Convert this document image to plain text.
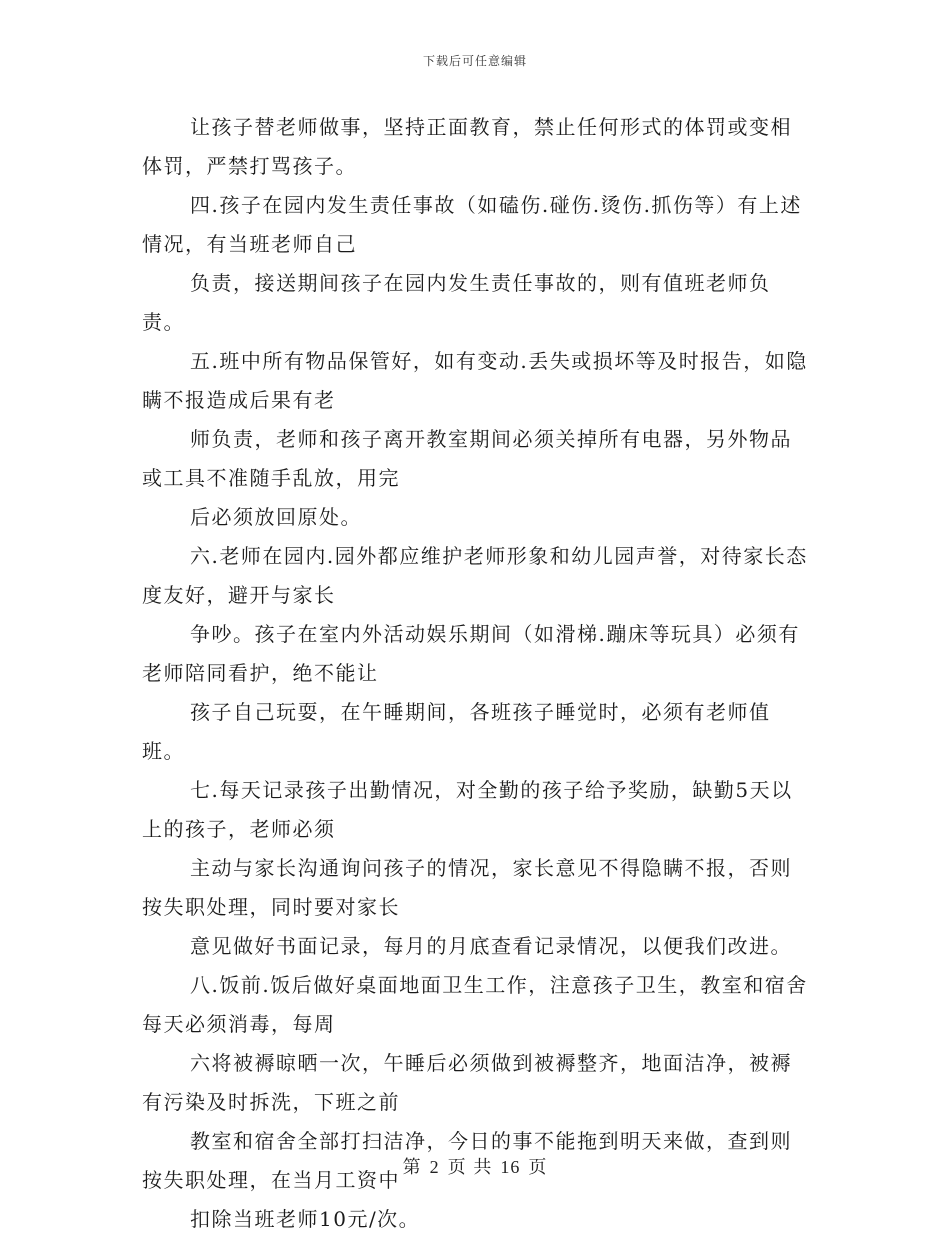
下载后可任意编辑

让孩子替老师做事，坚持正面教育，禁止任何形式的体罚或变相体罚，严禁打骂孩子。

四.孩子在园内发生责任事故（如磕伤.碰伤.烫伤.抓伤等）有上述情况，有当班老师自己

负责，接送期间孩子在园内发生责任事故的，则有值班老师负责。

五.班中所有物品保管好，如有变动.丢失或损坏等及时报告，如隐瞒不报造成后果有老

师负责，老师和孩子离开教室期间必须关掉所有电器，另外物品或工具不准随手乱放，用完

后必须放回原处。

六.老师在园内.园外都应维护老师形象和幼儿园声誉，对待家长态度友好，避开与家长

争吵。孩子在室内外活动娱乐期间（如滑梯.蹦床等玩具）必须有老师陪同看护，绝不能让

孩子自己玩耍，在午睡期间，各班孩子睡觉时，必须有老师值班。

七.每天记录孩子出勤情况，对全勤的孩子给予奖励，缺勤5天以上的孩子，老师必须

主动与家长沟通询问孩子的情况，家长意见不得隐瞒不报，否则按失职处理，同时要对家长

意见做好书面记录，每月的月底查看记录情况，以便我们改进。

八.饭前.饭后做好桌面地面卫生工作，注意孩子卫生，教室和宿舍每天必须消毒，每周

六将被褥晾晒一次，午睡后必须做到被褥整齐，地面洁净，被褥有污染及时拆洗，下班之前

教室和宿舍全部打扫洁净，今日的事不能拖到明天来做，查到则按失职处理，在当月工资中

扣除当班老师10元/次。

第 2 页 共 16 页
